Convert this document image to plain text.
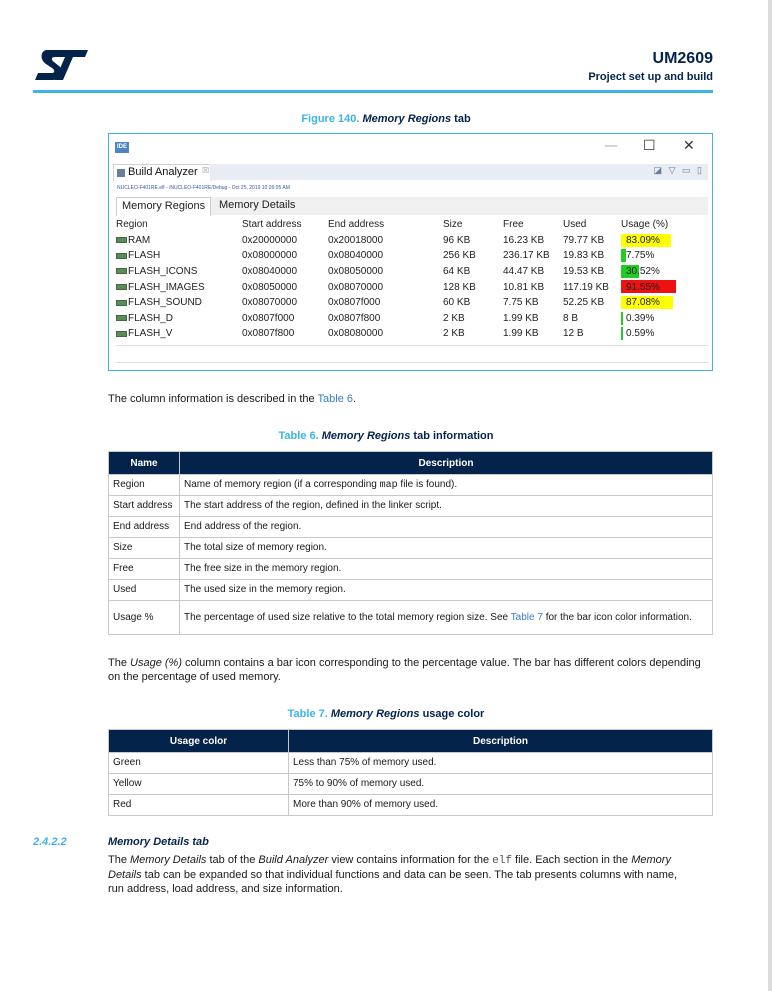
UM2609
Project set up and build
Figure 140. Memory Regions tab
IDE	— ☐ ✕
Build Analyzer ☒	◪ ▽ ▭ ▯
NUCLEO-F401RE.elf - /NUCLEO-F401RE/Debug - Oct 25, 2019 10:26:05 AM
Memory Regions	Memory Details
Region	Start address	End address	Size	Free	Used	Usage (%)
RAM	0x20000000	0x20018000	96 KB	16.23 KB	79.77 KB	83.09%
FLASH	0x08000000	0x08040000	256 KB	236.17 KB	19.83 KB	7.75%
FLASH_ICONS	0x08040000	0x08050000	64 KB	44.47 KB	19.53 KB	30.52%
FLASH_IMAGES	0x08050000	0x08070000	128 KB	10.81 KB	117.19 KB	91.55%
FLASH_SOUND	0x08070000	0x0807f000	60 KB	7.75 KB	52.25 KB	87.08%
FLASH_D	0x0807f000	0x0807f800	2 KB	1.99 KB	8 B	0.39%
FLASH_V	0x0807f800	0x08080000	2 KB	1.99 KB	12 B	0.59%
The column information is described in the Table 6.
Table 6. Memory Regions tab information
Name	Description
Region	Name of memory region (if a corresponding map file is found).
Start address	The start address of the region, defined in the linker script.
End address	End address of the region.
Size	The total size of memory region.
Free	The free size in the memory region.
Used	The used size in the memory region.
Usage %	The percentage of used size relative to the total memory region size. See Table 7 for the bar icon color information.
The Usage (%) column contains a bar icon corresponding to the percentage value. The bar has different colors depending on the percentage of used memory.
Table 7. Memory Regions usage color
Usage color	Description
Green	Less than 75% of memory used.
Yellow	75% to 90% of memory used.
Red	More than 90% of memory used.
2.4.2.2	Memory Details tab
The Memory Details tab of the Build Analyzer view contains information for the elf file. Each section in the Memory Details tab can be expanded so that individual functions and data can be seen. The tab presents columns with name, run address, load address, and size information.
